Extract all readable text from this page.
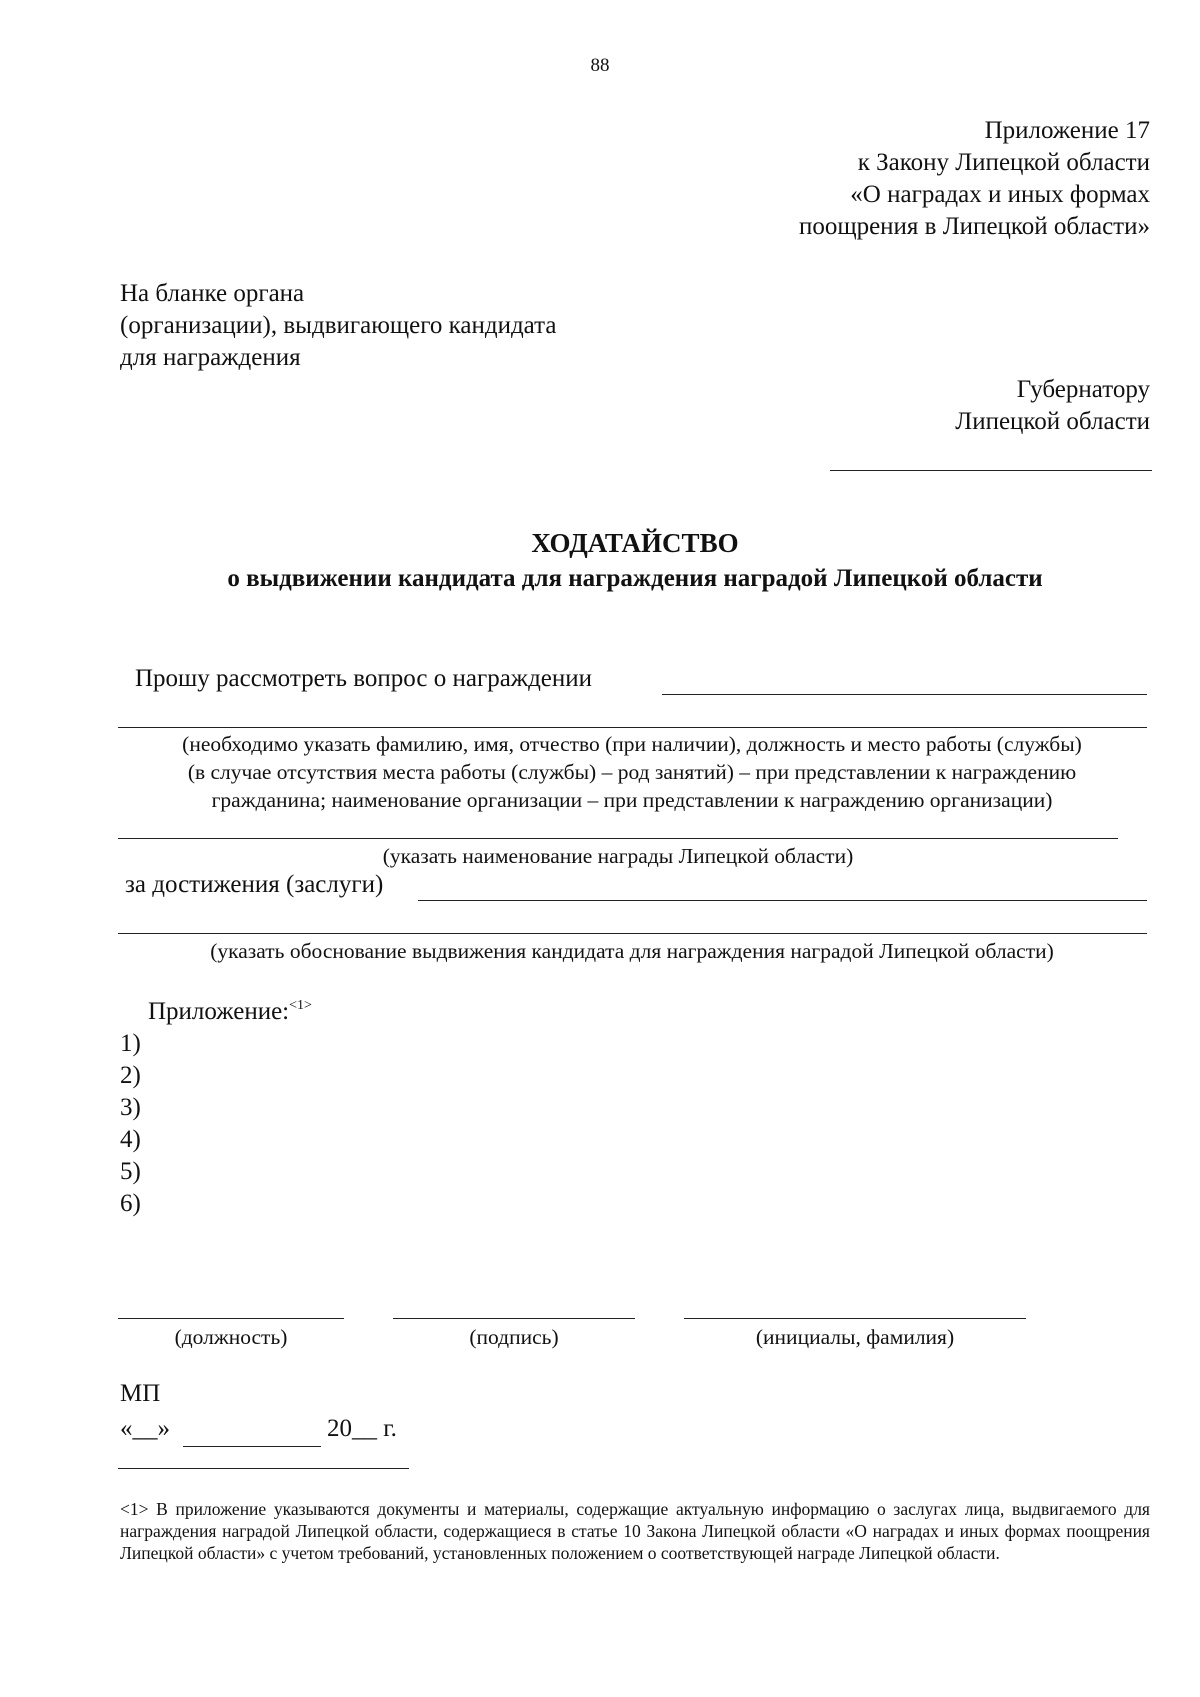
88
Приложение 17
к Закону Липецкой области
«О наградах и иных формах
поощрения в Липецкой области»
На бланке органа
(организации), выдвигающего кандидата
для награждения
Губернатору
Липецкой области
ХОДАТАЙСТВО
о выдвижении кандидата для награждения наградой Липецкой области
Прошу рассмотреть вопрос о награждении
(необходимо указать фамилию, имя, отчество (при наличии), должность и место работы (службы)
(в случае отсутствия места работы (службы) – род занятий) – при представлении к награждению
гражданина; наименование организации – при представлении к награждению организации)
(указать наименование награды Липецкой области)
за достижения (заслуги)
(указать обоснование выдвижения кандидата для награждения наградой Липецкой области)
Приложение:$^{<1>}$
1)
2)
3)
4)
5)
6)
(должность)	(подпись)	(инициалы, фамилия)
МП
«__»	20__ г.
<1> В приложение указываются документы и материалы, содержащие актуальную информацию о заслугах лица, выдвигаемого для награждения наградой Липецкой области, содержащиеся в статье 10 Закона Липецкой области «О наградах и иных формах поощрения Липецкой области» с учетом требований, установленных положением о соответствующей награде Липецкой области.
